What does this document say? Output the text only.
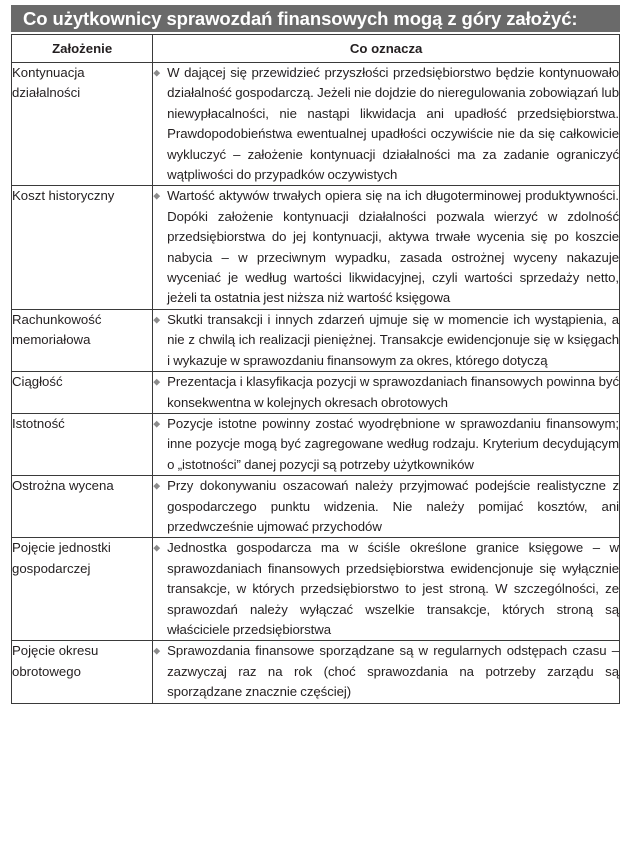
Co użytkownicy sprawozdań finansowych mogą z góry założyć:
Założenie	Co oznacza
Kontynuacja działalności	◆ W dającej się przewidzieć przyszłości przedsiębiorstwo będzie kontynuowało działalność gospodarczą. Jeżeli nie dojdzie do nieregulowania zobowiązań lub niewypłacalności, nie nastąpi likwidacja ani upadłość przedsiębiorstwa. Prawdopodobieństwa ewentualnej upadłości oczywiście nie da się całkowicie wykluczyć – założenie kontynuacji działalności ma za zadanie ograniczyć wątpliwości do przypadków oczywistych

Koszt historyczny	◆ Wartość aktywów trwałych opiera się na ich długoterminowej produktywności. Dopóki założenie kontynuacji działalności pozwala wierzyć w zdolność przedsiębiorstwa do jej kontynuacji, aktywa trwałe wycenia się po koszcie nabycia – w przeciwnym wypadku, zasada ostrożnej wyceny nakazuje wyceniać je według wartości likwidacyjnej, czyli wartości sprzedaży netto, jeżeli ta ostatnia jest niższa niż wartość księgowa

Rachunkowość memoriałowa	◆ Skutki transakcji i innych zdarzeń ujmuje się w momencie ich wystąpienia, a nie z chwilą ich realizacji pieniężnej. Transakcje ewidencjonuje się w księgach i wykazuje w sprawozdaniu finansowym za okres, którego dotyczą

Ciągłość	◆ Prezentacja i klasyfikacja pozycji w sprawozdaniach finansowych powinna być konsekwentna w kolejnych okresach obrotowych

Istotność	◆ Pozycje istotne powinny zostać wyodrębnione w sprawozdaniu finansowym; inne pozycje mogą być zagregowane według rodzaju. Kryterium decydującym o „istotności” danej pozycji są potrzeby użytkowników

Ostrożna wycena	◆ Przy dokonywaniu oszacowań należy przyjmować podejście realistyczne z gospodarczego punktu widzenia. Nie należy pomijać kosztów, ani przedwcześnie ujmować przychodów

Pojęcie jednostki gospodarczej	◆ Jednostka gospodarcza ma w ściśle określone granice księgowe – w sprawozdaniach finansowych przedsiębiorstwa ewidencjonuje się wyłącznie transakcje, w których przedsiębiorstwo to jest stroną. W szczególności, ze sprawozdań należy wyłączać wszelkie transakcje, których stroną są właściciele przedsiębiorstwa

Pojęcie okresu obrotowego	◆ Sprawozdania finansowe sporządzane są w regularnych odstępach czasu – zazwyczaj raz na rok (choć sprawozdania na potrzeby zarządu są sporządzane znacznie częściej)
